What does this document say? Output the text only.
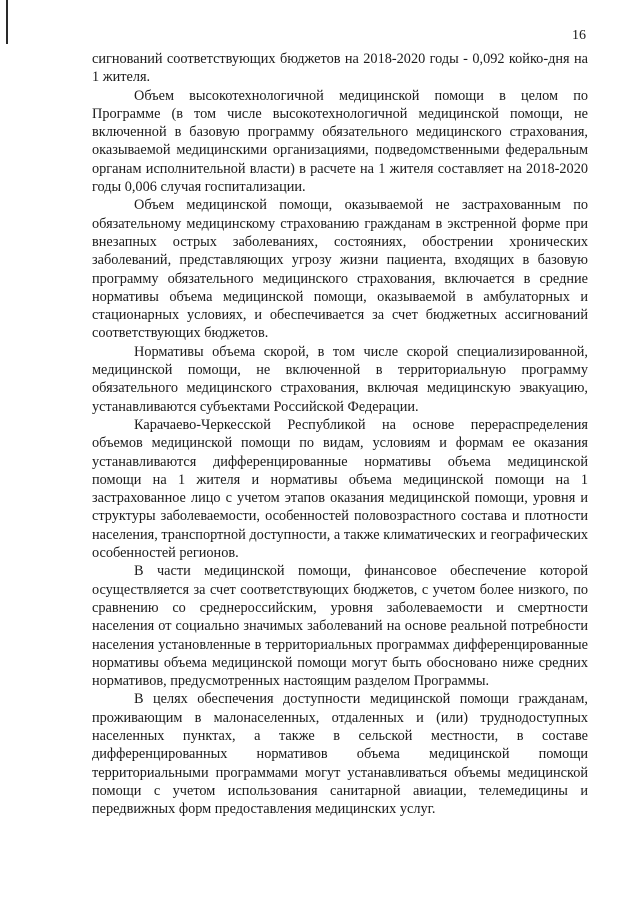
16

сигнований соответствующих бюджетов на 2018-2020 годы - 0,092 койко-дня на 1 жителя.

Объем высокотехнологичной медицинской помощи в целом по Программе (в том числе высокотехнологичной медицинской помощи, не включенной в базовую программу обязательного медицинского страхования, оказываемой медицинскими организациями, подведомственными федеральным органам исполнительной власти) в расчете на 1 жителя составляет на 2018-2020 годы 0,006 случая госпитализации.

Объем медицинской помощи, оказываемой не застрахованным по обязательному медицинскому страхованию гражданам в экстренной форме при внезапных острых заболеваниях, состояниях, обострении хронических заболеваний, представляющих угрозу жизни пациента, входящих в базовую программу обязательного медицинского страхования, включается в средние нормативы объема медицинской помощи, оказываемой в амбулаторных и стационарных условиях, и обеспечивается за счет бюджетных ассигнований соответствующих бюджетов.

Нормативы объема скорой, в том числе скорой специализированной, медицинской помощи, не включенной в территориальную программу обязательного медицинского страхования, включая медицинскую эвакуацию, устанавливаются субъектами Российской Федерации.

Карачаево-Черкесской Республикой на основе перераспределения объемов медицинской помощи по видам, условиям и формам ее оказания устанавливаются дифференцированные нормативы объема медицинской помощи на 1 жителя и нормативы объема медицинской помощи на 1 застрахованное лицо с учетом этапов оказания медицинской помощи, уровня и структуры заболеваемости, особенностей половозрастного состава и плотности населения, транспортной доступности, а также климатических и географических особенностей регионов.

В части медицинской помощи, финансовое обеспечение которой осуществляется за счет соответствующих бюджетов, с учетом более низкого, по сравнению со среднероссийским, уровня заболеваемости и смертности населения от социально значимых заболеваний на основе реальной потребности населения установленные в территориальных программах дифференцированные нормативы объема медицинской помощи могут быть обосновано ниже средних нормативов, предусмотренных настоящим разделом Программы.

В целях обеспечения доступности медицинской помощи гражданам, проживающим в малонаселенных, отдаленных и (или) труднодоступных населенных пунктах, а также в сельской местности, в составе дифференцированных нормативов объема медицинской помощи территориальными программами могут устанавливаться объемы медицинской помощи с учетом использования санитарной авиации, телемедицины и передвижных форм предоставления медицинских услуг.
